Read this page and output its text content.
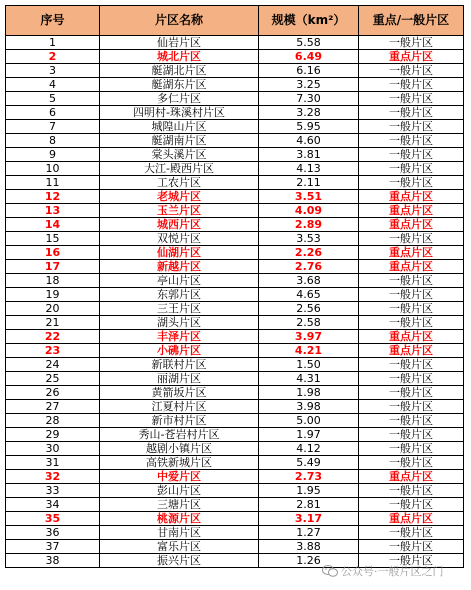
序号	片区名称	规模（km²）	重点/一般片区
1	仙岩片区	5.58	一般片区
2	城北片区	6.49	重点片区
3	艇湖北片区	6.16	一般片区
4	艇湖东片区	3.25	一般片区
5	多仁片区	7.30	一般片区
6	四明村-珠溪村片区	3.28	一般片区
7	城隍山片区	5.95	一般片区
8	艇湖南片区	4.60	一般片区
9	棠头溪片区	3.81	一般片区
10	大江-殿西片区	4.13	一般片区
11	工农片区	2.11	一般片区
12	老城片区	3.51	重点片区
13	玉兰片区	4.09	重点片区
14	城西片区	2.89	重点片区
15	双悦片区	3.53	一般片区
16	仙湖片区	2.26	重点片区
17	新越片区	2.76	重点片区
18	亭山片区	3.68	一般片区
19	东郭片区	4.65	一般片区
20	三王片区	2.56	一般片区
21	湖头片区	2.58	一般片区
22	丰泽片区	3.97	重点片区
23	小砩片区	4.21	重点片区
24	新联村片区	1.50	一般片区
25	丽湖片区	4.31	一般片区
26	黄箭坂片区	1.98	一般片区
27	江夏村片区	3.98	一般片区
28	新市村片区	5.00	一般片区
29	秀山-苍岩村片区	1.97	一般片区
30	越剧小镇片区	4.12	一般片区
31	高铁新城片区	5.49	一般片区
32	中爱片区	2.73	重点片区
33	彭山片区	1.95	一般片区
34	三塘片区	2.81	一般片区
35	桃源片区	3.17	重点片区
36	甘南片区	1.27	一般片区
37	富乐片区	3.88	一般片区
38	振兴片区	1.26	一般片区
公众号·一般片区之门
